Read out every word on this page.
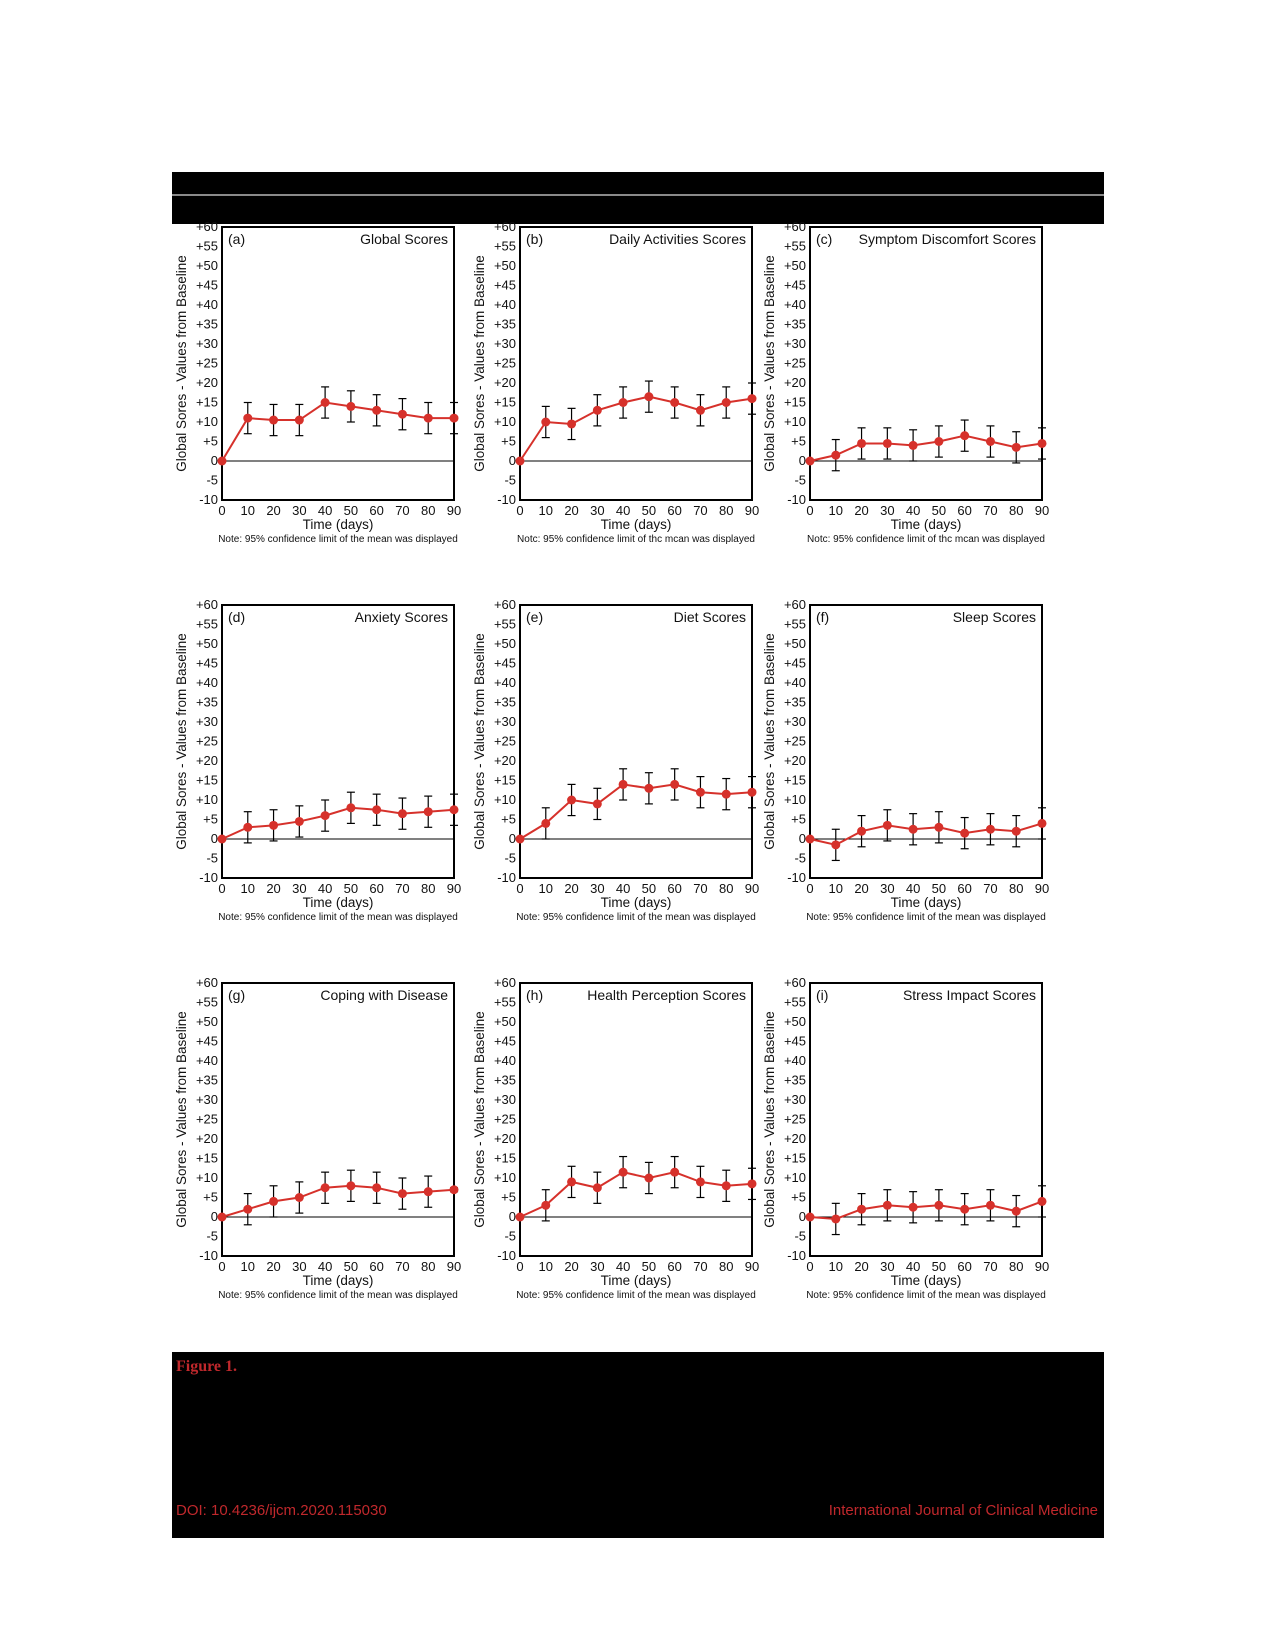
Figure 1.
DOI: 10.4236/ijcm.2020.115030	International Journal of Clinical Medicine
+60
+55
+50
+45
+40
+35
+30
+25
+20
+15
+10
+5
0
-5
-10
0 10 20 30 40 50 60 70 80 90
Time (days)
Global Sores - Values from Baseline
(a)	Global Scores
Note: 95% confidence limit of the mean was displayed
+60
+55
+50
+45
+40
+35
+30
+25
+20
+15
+10
+5
0
-5
-10
0 10 20 30 40 50 60 70 80 90
Time (days)
Global Sores - Values from Baseline
(b)	Daily Activities Scores
Notc: 95% confidence limit of thc mcan was displayed
+60
+55
+50
+45
+40
+35
+30
+25
+20
+15
+10
+5
0
-5
-10
0 10 20 30 40 50 60 70 80 90
Time (days)
Global Sores - Values from Baseline
(c) Symptom Discomfort Scores
Notc: 95% confidence limit of thc mcan was displayed
+60
+55
+50
+45
+40
+35
+30
+25
+20
+15
+10
+5
0
-5
-10
0 10 20 30 40 50 60 70 80 90
Time (days)
Global Sores - Values from Baseline
(d)	Anxiety Scores
Note: 95% confidence limit of the mean was displayed
+60
+55
+50
+45
+40
+35
+30
+25
+20
+15
+10
+5
0
-5
-10
0 10 20 30 40 50 60 70 80 90
Time (days)
Global Sores - Values from Baseline
(e)	Diet Scores
Note: 95% confidence limit of the mean was displayed
+60
+55
+50
+45
+40
+35
+30
+25
+20
+15
+10
+5
0
-5
-10
0 10 20 30 40 50 60 70 80 90
Time (days)
Global Sores - Values from Baseline
(f)	Sleep Scores
Note: 95% confidence limit of the mean was displayed
+60
+55
+50
+45
+40
+35
+30
+25
+20
+15
+10
+5
0
-5
-10
0 10 20 30 40 50 60 70 80 90
Time (days)
Global Sores - Values from Baseline
(g)	Coping with Disease
Note: 95% confidence limit of the mean was displayed
+60
+55
+50
+45
+40
+35
+30
+25
+20
+15
+10
+5
0
-5
-10
0 10 20 30 40 50 60 70 80 90
Time (days)
Global Sores - Values from Baseline
(h)	Health Perception Scores
Note: 95% confidence limit of the mean was displayed
+60
+55
+50
+45
+40
+35
+30
+25
+20
+15
+10
+5
0
-5
-10
0 10 20 30 40 50 60 70 80 90
Time (days)
Global Sores - Values from Baseline
(i)	Stress Impact Scores
Note: 95% confidence limit of the mean was displayed
